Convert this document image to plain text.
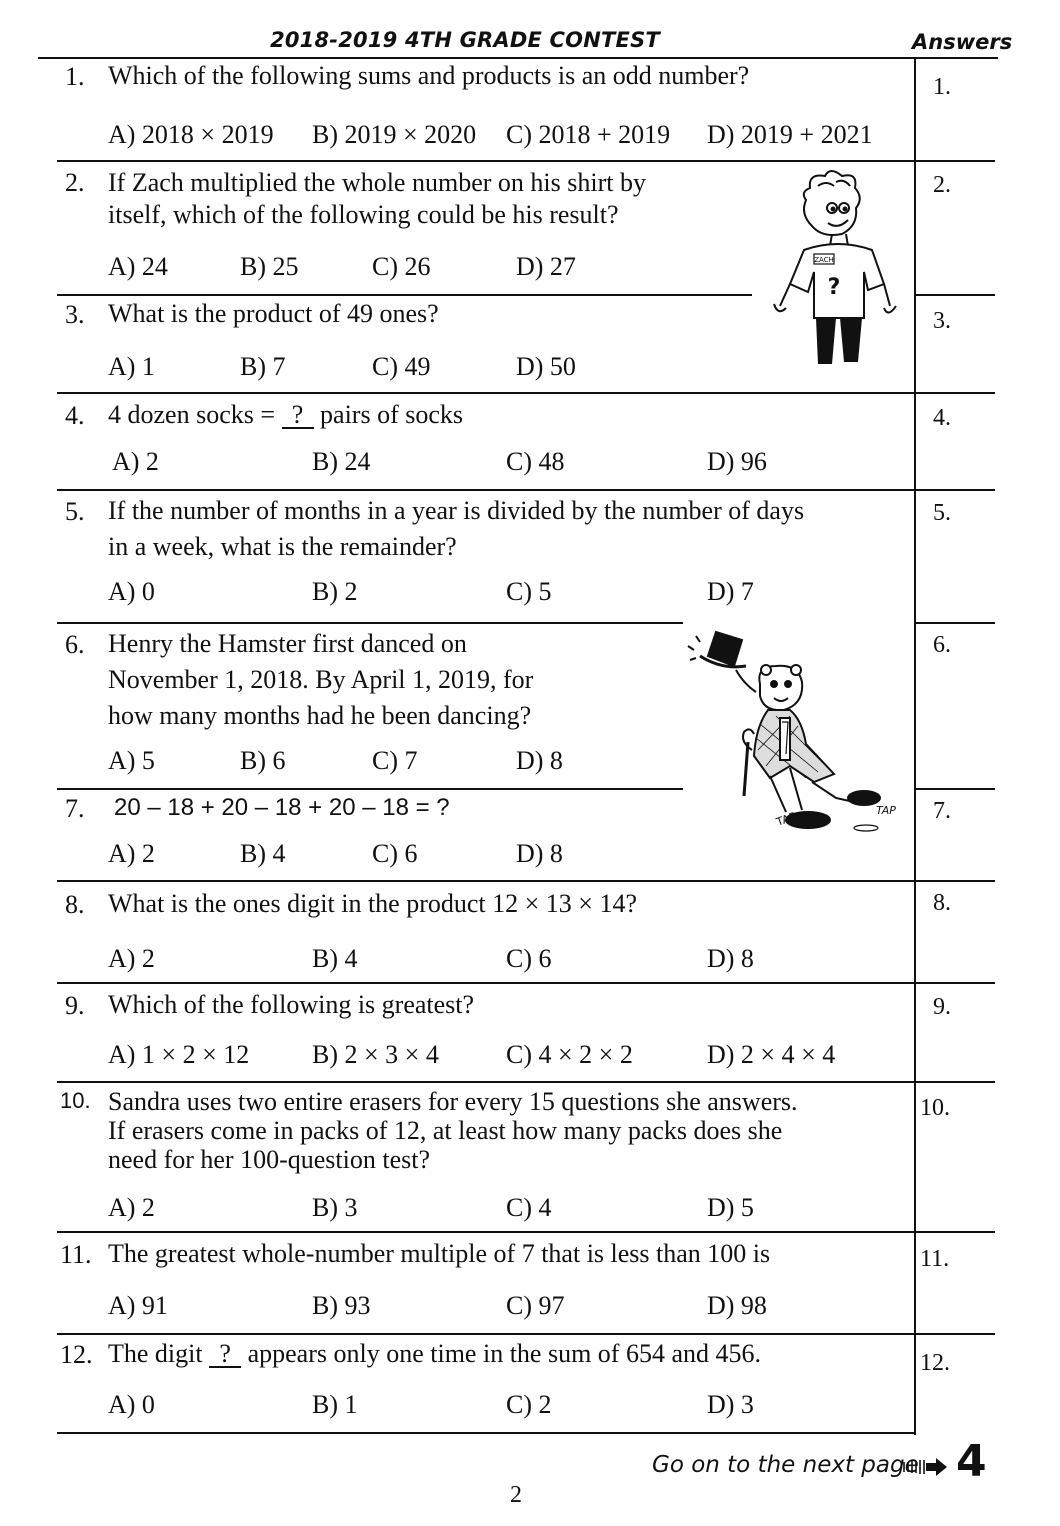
2018-2019 4TH GRADE CONTEST	Answers
1. Which of the following sums and products is an odd number?
A) 2018 × 2019 B) 2019 × 2020 C) 2018 + 2019 D) 2019 + 2021
1.
2. If Zach multiplied the whole number on his shirt by
itself, which of the following could be his result?
A) 24	B) 25	C) 26	D) 27
2.
ZACH
?
3. What is the product of 49 ones?
A) 1	B) 7	C) 49	D) 50
3.
4. 4 dozen socks = ? pairs of socks
A) 2	B) 24	C) 48	D) 96
4.
5. If the number of months in a year is divided by the number of days
in a week, what is the remainder?
A) 0	B) 2	C) 5	D) 7
5.
6. Henry the Hamster first danced on
November 1, 2018. By April 1, 2019, for
how many months had he been dancing?
A) 5	B) 6	C) 7	D) 8
6.
TAP	TAP
7. 20 – 18 + 20 – 18 + 20 – 18 = ?
A) 2	B) 4	C) 6	D) 8
7.
8. What is the ones digit in the product 12 × 13 × 14?
A) 2	B) 4	C) 6	D) 8
8.
9. Which of the following is greatest?
A) 1 × 2 × 12 B) 2 × 3 × 4	C) 4 × 2 × 2	D) 2 × 4 × 4
9.
10. Sandra uses two entire erasers for every 15 questions she answers.
If erasers come in packs of 12, at least how many packs does she
need for her 100-question test?
A) 2	B) 3	C) 4	D) 5
10.
11. The greatest whole-number multiple of 7 that is less than 100 is
A) 91	B) 93	C) 97	D) 98
11.
12. The digit ? appears only one time in the sum of 654 and 456.
A) 0	B) 1	C) 2	D) 3
12.
Go on to the next page 4
2
